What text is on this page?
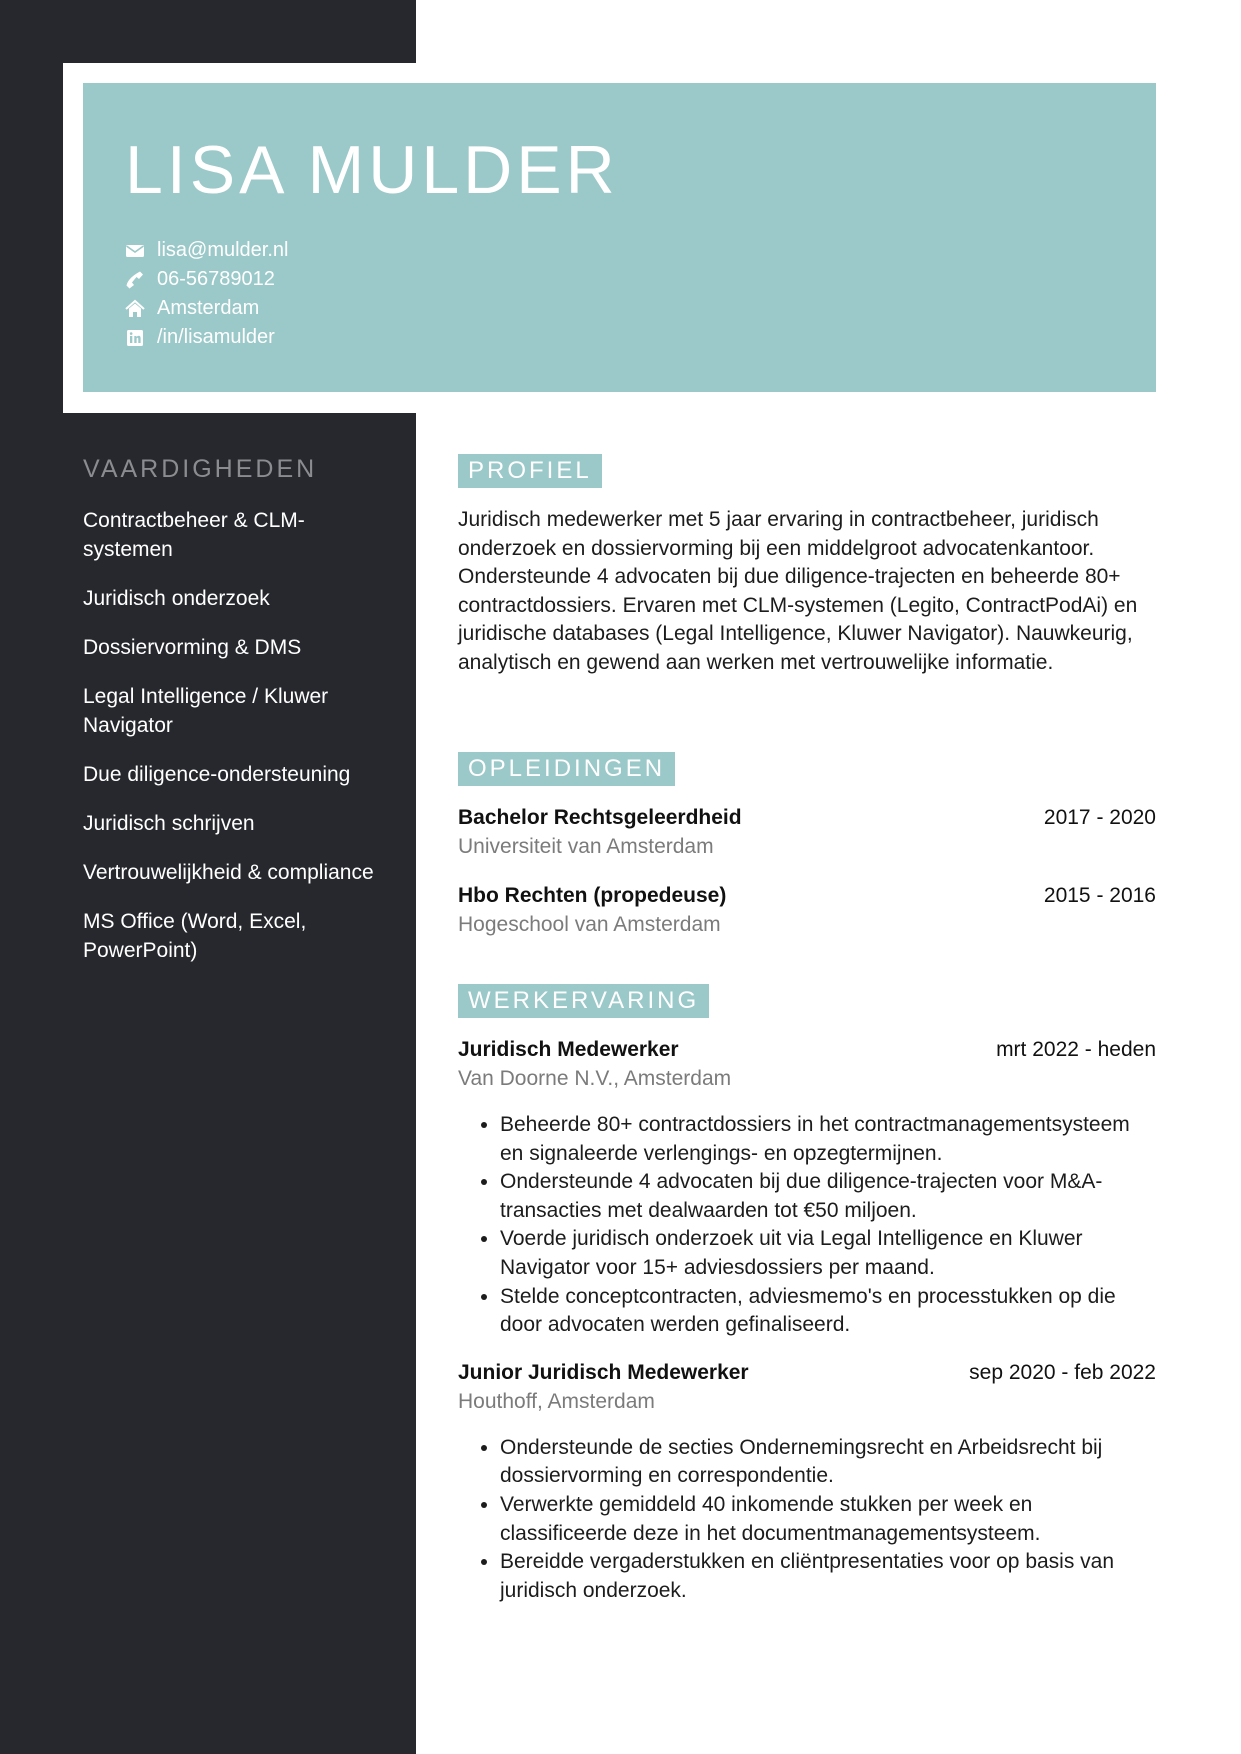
LISA MULDER
lisa@mulder.nl
06-56789012
Amsterdam
/in/lisamulder
VAARDIGHEDEN
Contractbeheer & CLM-systemen
Juridisch onderzoek
Dossiervorming & DMS
Legal Intelligence / Kluwer Navigator
Due diligence-ondersteuning
Juridisch schrijven
Vertrouwelijkheid & compliance
MS Office (Word, Excel, PowerPoint)
PROFIEL

Juridisch medewerker met 5 jaar ervaring in contractbeheer, juridisch onderzoek en dossiervorming bij een middelgroot advocatenkantoor. Ondersteunde 4 advocaten bij due diligence-trajecten en beheerde 80+ contractdossiers. Ervaren met CLM-systemen (Legito, ContractPodAi) en juridische databases (Legal Intelligence, Kluwer Navigator). Nauwkeurig, analytisch en gewend aan werken met vertrouwelijke informatie.

OPLEIDINGEN
Bachelor Rechtsgeleerdheid	2017 - 2020
Universiteit van Amsterdam
Hbo Rechten (propedeuse)	2015 - 2016
Hogeschool van Amsterdam
WERKERVARING
Juridisch Medewerker	mrt 2022 - heden
Van Doorne N.V., Amsterdam
• Beheerde 80+ contractdossiers in het contractmanagementsysteem en signaleerde verlengings- en opzegtermijnen.
• Ondersteunde 4 advocaten bij due diligence-trajecten voor M&A-transacties met dealwaarden tot €50 miljoen.
• Voerde juridisch onderzoek uit via Legal Intelligence en Kluwer Navigator voor 15+ adviesdossiers per maand.
• Stelde conceptcontracten, adviesmemo's en processtukken op die door advocaten werden gefinaliseerd.
Junior Juridisch Medewerker	sep 2020 - feb 2022
Houthoff, Amsterdam
• Ondersteunde de secties Ondernemingsrecht en Arbeidsrecht bij dossiervorming en correspondentie.
• Verwerkte gemiddeld 40 inkomende stukken per week en classificeerde deze in het documentmanagementsysteem.
• Bereidde vergaderstukken en cliëntpresentaties voor op basis van juridisch onderzoek.
